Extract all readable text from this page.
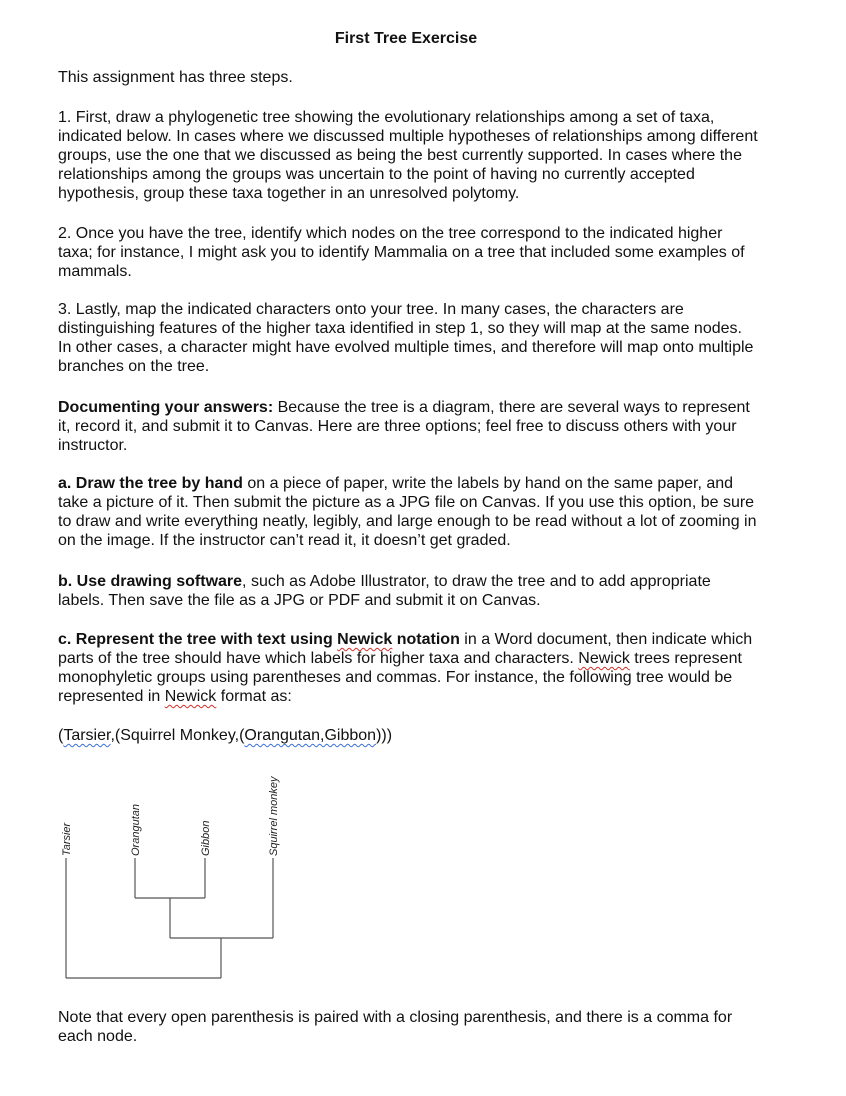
First Tree Exercise

This assignment has three steps.

1. First, draw a phylogenetic tree showing the evolutionary relationships among a set of taxa, indicated below. In cases where we discussed multiple hypotheses of relationships among different groups, use the one that we discussed as being the best currently supported. In cases where the relationships among the groups was uncertain to the point of having no currently accepted hypothesis, group these taxa together in an unresolved polytomy.

2. Once you have the tree, identify which nodes on the tree correspond to the indicated higher taxa; for instance, I might ask you to identify Mammalia on a tree that included some examples of mammals.

3. Lastly, map the indicated characters onto your tree. In many cases, the characters are distinguishing features of the higher taxa identified in step 1, so they will map at the same nodes. In other cases, a character might have evolved multiple times, and therefore will map onto multiple branches on the tree.

Documenting your answers: Because the tree is a diagram, there are several ways to represent it, record it, and submit it to Canvas. Here are three options; feel free to discuss others with your instructor.

a. Draw the tree by hand on a piece of paper, write the labels by hand on the same paper, and take a picture of it. Then submit the picture as a JPG file on Canvas. If you use this option, be sure to draw and write everything neatly, legibly, and large enough to be read without a lot of zooming in on the image. If the instructor can’t read it, it doesn’t get graded.

b. Use drawing software, such as Adobe Illustrator, to draw the tree and to add appropriate labels. Then save the file as a JPG or PDF and submit it on Canvas.

c. Represent the tree with text using Newick notation in a Word document, then indicate which parts of the tree should have which labels for higher taxa and characters. Newick trees represent monophyletic groups using parentheses and commas. For instance, the following tree would be represented in Newick format as:

(Tarsier,(Squirrel Monkey,(Orangutan,Gibbon)))

Tarsier	Orangutan	Gibbon	Squirrel monkey

Note that every open parenthesis is paired with a closing parenthesis, and there is a comma for each node.
